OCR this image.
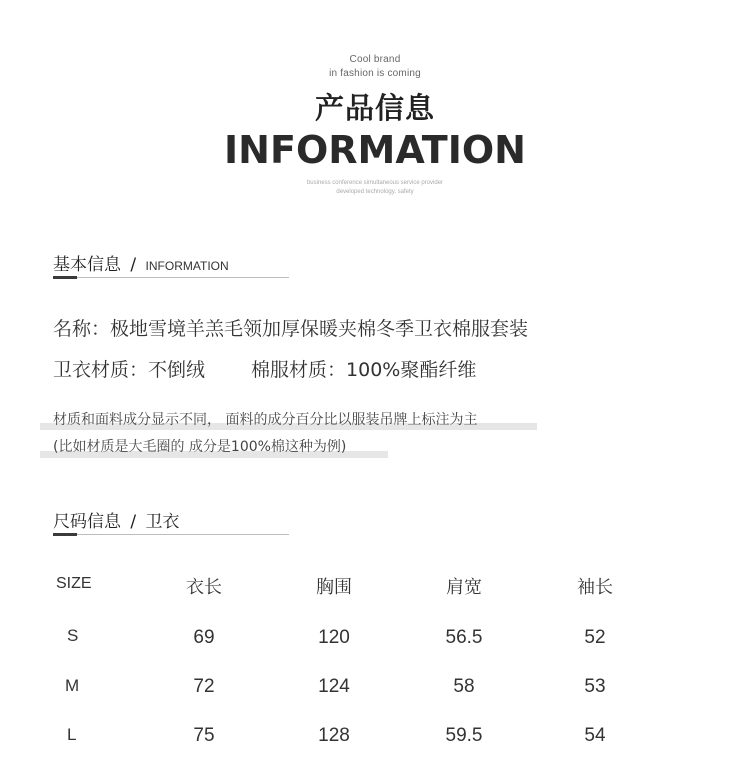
Cool brand
in fashion is coming
产品信息
INFORMATION
business conference simultaneous service provider
developed technology, safety
基本信息 / INFORMATION
名称：极地雪境羊羔毛领加厚保暖夹棉冬季卫衣棉服套装
卫衣材质：不倒绒 棉服材质：100%聚酯纤维
材质和面料成分显示不同， 面料的成分百分比以服装吊牌上标注为主
(比如材质是大毛圈的 成分是100%棉这种为例)
尺码信息 / 卫衣
SIZE	衣长	胸围	肩宽	袖长
S	69	120	56.5	52
M	72	124	58	53
L	75	128	59.5	54
